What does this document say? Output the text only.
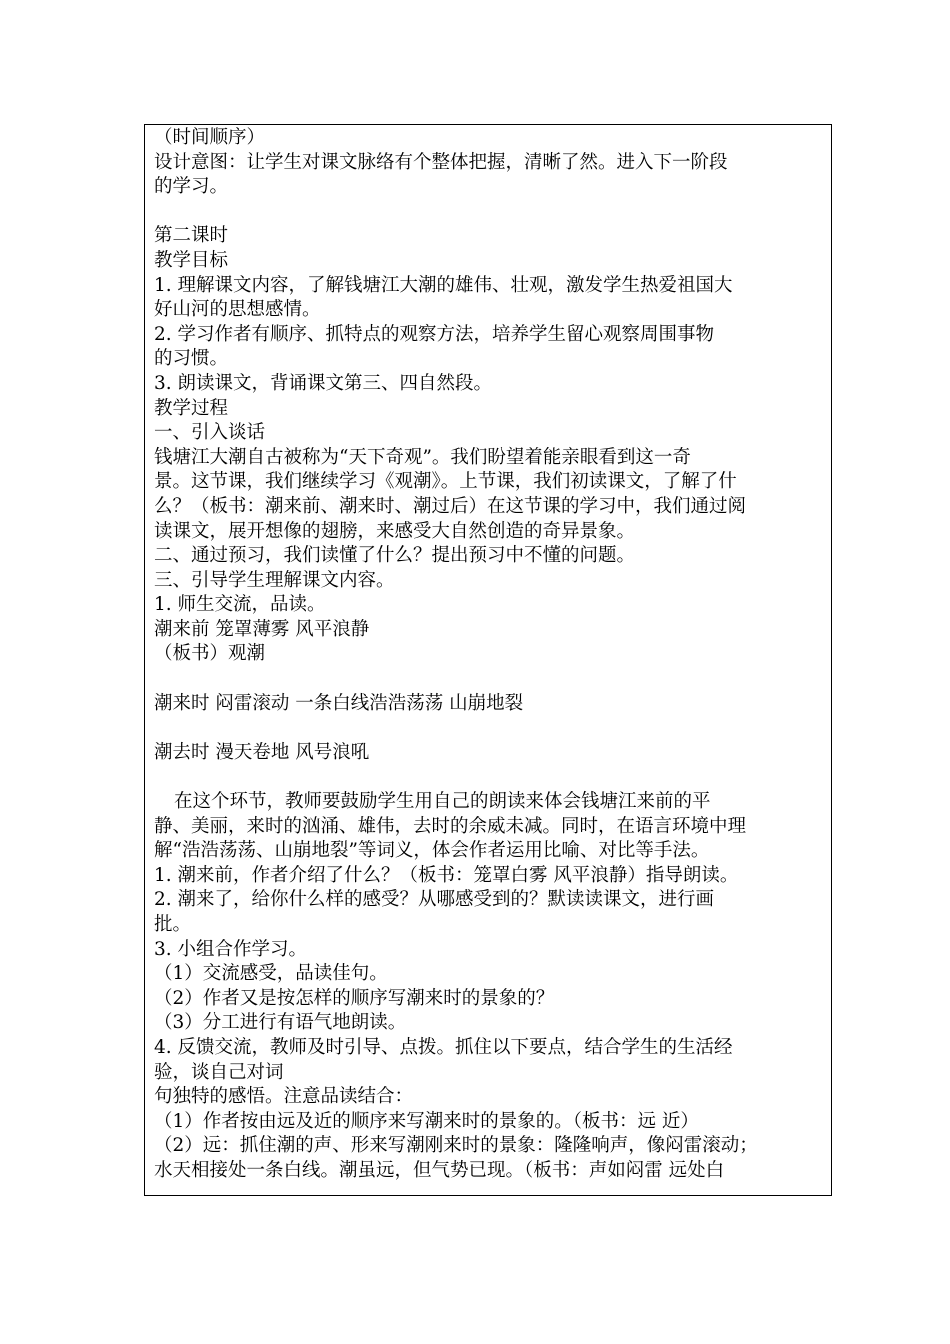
（时间顺序）
设计意图：让学生对课文脉络有个整体把握，清晰了然。进入下一阶段
的学习。
第二课时
教学目标
1. 理解课文内容，了解钱塘江大潮的雄伟、壮观，激发学生热爱祖国大
好山河的思想感情。
2. 学习作者有顺序、抓特点的观察方法，培养学生留心观察周围事物
的习惯。
3. 朗读课文，背诵课文第三、四自然段。
教学过程
一、引入谈话
钱塘江大潮自古被称为“天下奇观”。我们盼望着能亲眼看到这一奇
景。这节课，我们继续学习《观潮》。上节课，我们初读课文，了解了什
么？（板书：潮来前、潮来时、潮过后）在这节课的学习中，我们通过阅
读课文，展开想像的翅膀，来感受大自然创造的奇异景象。
二、通过预习，我们读懂了什么？提出预习中不懂的问题。
三、引导学生理解课文内容。
1. 师生交流，品读。
潮来前 笼罩薄雾 风平浪静
（板书）观潮
潮来时 闷雷滚动 一条白线浩浩荡荡 山崩地裂
潮去时 漫天卷地 风号浪吼
在这个环节，教师要鼓励学生用自己的朗读来体会钱塘江来前的平
静、美丽，来时的汹涌、雄伟，去时的余威未减。同时，在语言环境中理
解“浩浩荡荡、山崩地裂”等词义，体会作者运用比喻、对比等手法。
1. 潮来前，作者介绍了什么？（板书：笼罩白雾 风平浪静）指导朗读。
2. 潮来了，给你什么样的感受？从哪感受到的？默读读课文，进行画
批。
3. 小组合作学习。
（1）交流感受，品读佳句。
（2）作者又是按怎样的顺序写潮来时的景象的？
（3）分工进行有语气地朗读。
4. 反馈交流，教师及时引导、点拨。抓住以下要点，结合学生的生活经
验，谈自己对词
句独特的感悟。注意品读结合：
（1）作者按由远及近的顺序来写潮来时的景象的。（板书：远 近）
（2）远：抓住潮的声、形来写潮刚来时的景象：隆隆响声，像闷雷滚动；
水天相接处一条白线。潮虽远，但气势已现。（板书：声如闷雷 远处白
